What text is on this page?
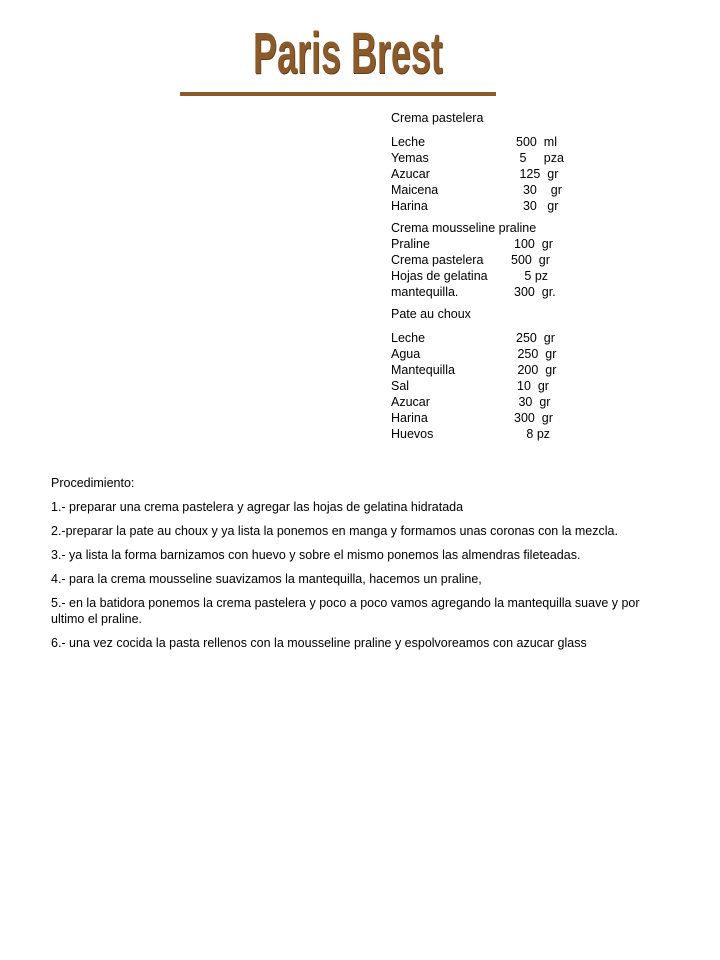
Paris Brest
Crema pastelera
Leche	500  ml
Yemas	5     pza
Azucar	125  gr
Maicena	30    gr
Harina	30   gr
Crema mousseline praline
Praline	100  gr
Crema pastelera 500  gr
Hojas de gelatina 5 pz
mantequilla.	300  gr.
Pate au choux
Leche	250  gr
Agua	250  gr
Mantequilla	200  gr
Sal	10  gr
Azucar	30  gr
Harina	300  gr
Huevos	8 pz
Procedimiento:
1.- preparar una crema pastelera y agregar las hojas de gelatina hidratada
2.-preparar la pate au choux y ya lista la ponemos en manga y formamos unas coronas con la mezcla.
3.- ya lista la forma barnizamos con huevo y sobre el mismo ponemos las almendras fileteadas.
4.- para la crema mousseline suavizamos la mantequilla, hacemos un praline,
5.- en la batidora ponemos la crema pastelera y poco a poco vamos agregando la mantequilla suave y por ultimo el praline.
6.- una vez cocida la pasta rellenos con la mousseline praline y espolvoreamos con azucar glass
